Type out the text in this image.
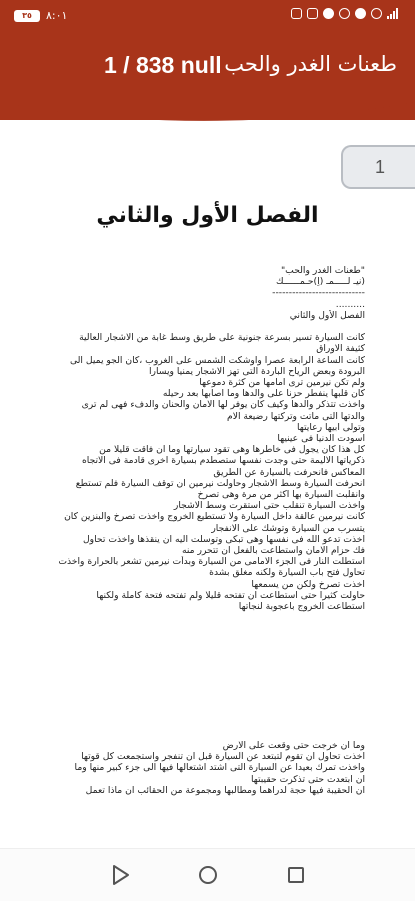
٣٥	٨:٠١
1 / 838 null طعنات الغدر والحب
1
الفصل الأول والثاني
"طعنات الغدر والحب"
(نيـ لـــــمـ (اِ)حـمــــــك
----------------------------
..........
الفصل الأول والثاني

كانت السيارة تسير بسرعة جنونية على طريق وسط غابة من الاشجار العالية
كثيفة الاوراق
كانت الساعة الرابعة عصرا واوشكت الشمس على الغروب ،كان الجو يميل الى
البرودة وبعض الرياح الباردة التى تهز الاشجار يمنيا ويسارا
ولم تكن نيرمين ترى امامها من كثرة دموعها
كان قلبها ينفطر حزنا على والدها وما اصابها بعد رحيله
واخذت تتذكر والدها وكيف كان يوفر لها الامان والحنان والدفء فهى لم ترى
والدتها التى ماتت وتركتها رضيعة الام
وتولى ابيها رعايتها
اسودت الدنيا فى عينيها
كل هذا كان يجول فى خاطرها وهى تقود سيارتها وما ان فاقت قليلا من
ذكرياتها الاليمة حتى وجدت نفسها ستصطدم بسيارة اخرى قادمة فى الاتجاه
المعاكس فانحرفت بالسيارة عن الطريق
انحرفت السيارة وسط الاشجار وحاولت نيرمين ان توقف السيارة فلم تستطع
وانقلبت السيارة بها اكثر من مرة وهى تصرخ
واخذت السيارة تنقلب حتى استقرت وسط الاشجار
كانت نيرمين عالقة داخل السيارة ولا تستطيع الخروج واخذت تصرخ والبنزين كان
يتسرب من السيارة وتوشك على الانفجار
اخذت تدعو الله فى نفسها وهى تبكى وتوسلت اليه ان ينقذها واخذت تحاول
فك حزام الامان واستطاعت بالفعل ان تتحرر منه
استطلت النار فى الجزء الامامى من السيارة وبدأت نيرمين تشعر بالحرارة واخذت
تحاول فتح باب السيارة ولكنه مغلق بشدة
اخذت تصرخ ولكن من يسمعها
حاولت كثيرا حتى استطاعت ان تفتحه قليلا ولم تفتحه فتحة كاملة ولكنها
استطاعت الخروج باعجوبة لنجاتها
وما ان خرجت حتى وقعت على الارض
اخذت تحاول ان تقوم لتبتعد عن السيارة قبل ان تنفجر واستجمعت كل قوتها
واخذت تمرك بعيدا عن السيارة التى اشتد اشتعالها فيها الى جزء كبير منها وما
ان ابتعدت حتى تذكرت حقيبتها
ان الحقيبة فيها حجة لدراهما ومطالبها ومجموعة من الحقائب ان ماذا تعمل
